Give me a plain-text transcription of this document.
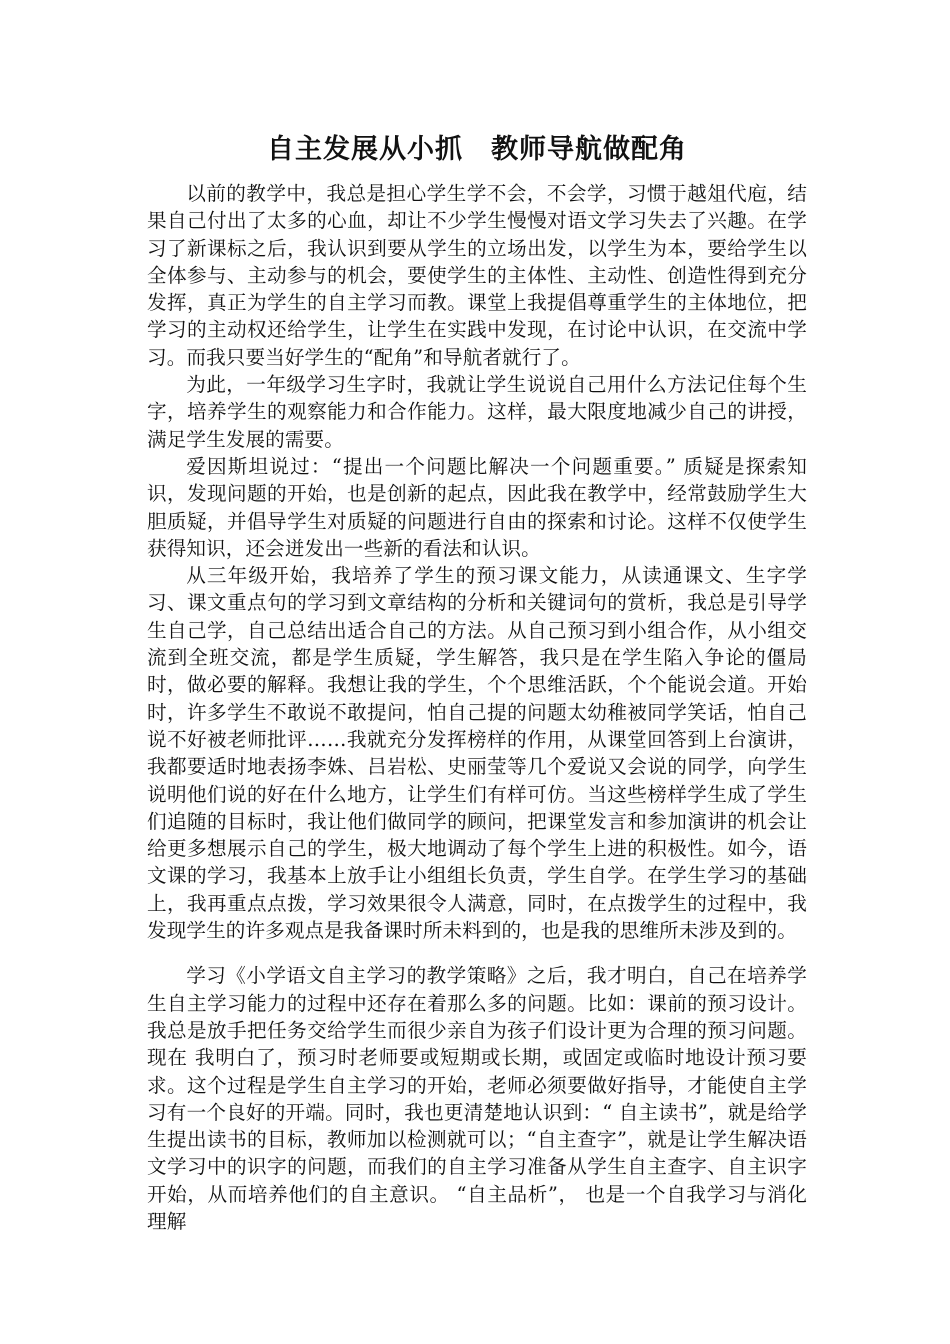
自主发展从小抓　教师导航做配角

以前的教学中，我总是担心学生学不会，不会学，习惯于越俎代庖，结果自己付出了太多的心血，却让不少学生慢慢对语文学习失去了兴趣。在学习了新课标之后，我认识到要从学生的立场出发，以学生为本，要给学生以全体参与、主动参与的机会，要使学生的主体性、主动性、创造性得到充分发挥，真正为学生的自主学习而教。课堂上我提倡尊重学生的主体地位，把学习的主动权还给学生，让学生在实践中发现，在讨论中认识，在交流中学习。而我只要当好学生的“配角”和导航者就行了。

为此，一年级学习生字时，我就让学生说说自己用什么方法记住每个生字，培养学生的观察能力和合作能力。这样，最大限度地减少自己的讲授，满足学生发展的需要。

爱因斯坦说过：“提出一个问题比解决一个问题重要。” 质疑是探索知识，发现问题的开始，也是创新的起点，因此我在教学中，经常鼓励学生大胆质疑，并倡导学生对质疑的问题进行自由的探索和讨论。这样不仅使学生获得知识，还会迸发出一些新的看法和认识。

从三年级开始，我培养了学生的预习课文能力，从读通课文、生字学习、课文重点句的学习到文章结构的分析和关键词句的赏析，我总是引导学生自己学，自己总结出适合自己的方法。从自己预习到小组合作，从小组交流到全班交流，都是学生质疑，学生解答，我只是在学生陷入争论的僵局时，做必要的解释。我想让我的学生，个个思维活跃，个个能说会道。开始时，许多学生不敢说不敢提问，怕自己提的问题太幼稚被同学笑话，怕自己说不好被老师批评……我就充分发挥榜样的作用，从课堂回答到上台演讲，我都要适时地表扬李姝、吕岩松、史丽莹等几个爱说又会说的同学，向学生说明他们说的好在什么地方，让学生们有样可仿。当这些榜样学生成了学生们追随的目标时，我让他们做同学的顾问，把课堂发言和参加演讲的机会让给更多想展示自己的学生，极大地调动了每个学生上进的积极性。如今，语文课的学习，我基本上放手让小组组长负责，学生自学。在学生学习的基础上，我再重点点拨，学习效果很令人满意，同时，在点拨学生的过程中，我发现学生的许多观点是我备课时所未料到的，也是我的思维所未涉及到的。

学习《小学语文自主学习的教学策略》之后，我才明白，自己在培养学生自主学习能力的过程中还存在着那么多的问题。比如：课前的预习设计。我总是放手把任务交给学生而很少亲自为孩子们设计更为合理的预习问题。现在 我明白了，预习时老师要或短期或长期，或固定或临时地设计预习要求。这个过程是学生自主学习的开始，老师必须要做好指导，才能使自主学习有一个良好的开端。同时，我也更清楚地认识到：“ 自主读书”，就是给学生提出读书的目标，教师加以检测就可以；“自主查字”，就是让学生解决语文学习中的识字的问题，而我们的自主学习准备从学生自主查字、自主识字开始，从而培养他们的自主意识。 “自主品析”， 也是一个自我学习与消化理解
